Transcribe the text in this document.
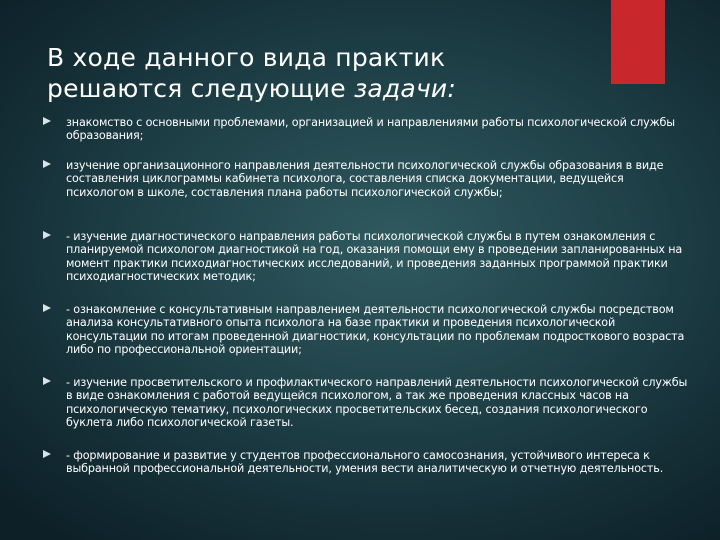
В ходе данного вида практик решаются следующие задачи:
знакомство с основными проблемами, организацией и направлениями работы психологической службы образования;
изучение организационного направления деятельности психологической службы образования в виде составления циклограммы кабинета психолога, составления списка документации, ведущейся психологом в школе, составления плана работы психологической службы;
- изучение диагностического направления работы психологической службы в путем ознакомления с планируемой психологом диагностикой на год, оказания помощи ему в проведении запланированных на момент практики психодиагностических исследований, и проведения заданных программой практики психодиагностических методик;
- ознакомление с консультативным направлением деятельности психологической службы посредством анализа консультативного опыта психолога на базе практики и проведения психологической консультации по итогам проведенной диагностики, консультации по проблемам подросткового возраста либо по профессиональной ориентации;
- изучение просветительского и профилактического направлений деятельности психологической службы в виде ознакомления с работой ведущейся психологом, а так же проведения классных часов на психологическую тематику, психологических просветительских бесед, создания психологического буклета либо психологической газеты.
- формирование и развитие у студентов профессионального самосознания, устойчивого интереса к выбранной профессиональной деятельности, умения вести аналитическую и отчетную деятельность.
